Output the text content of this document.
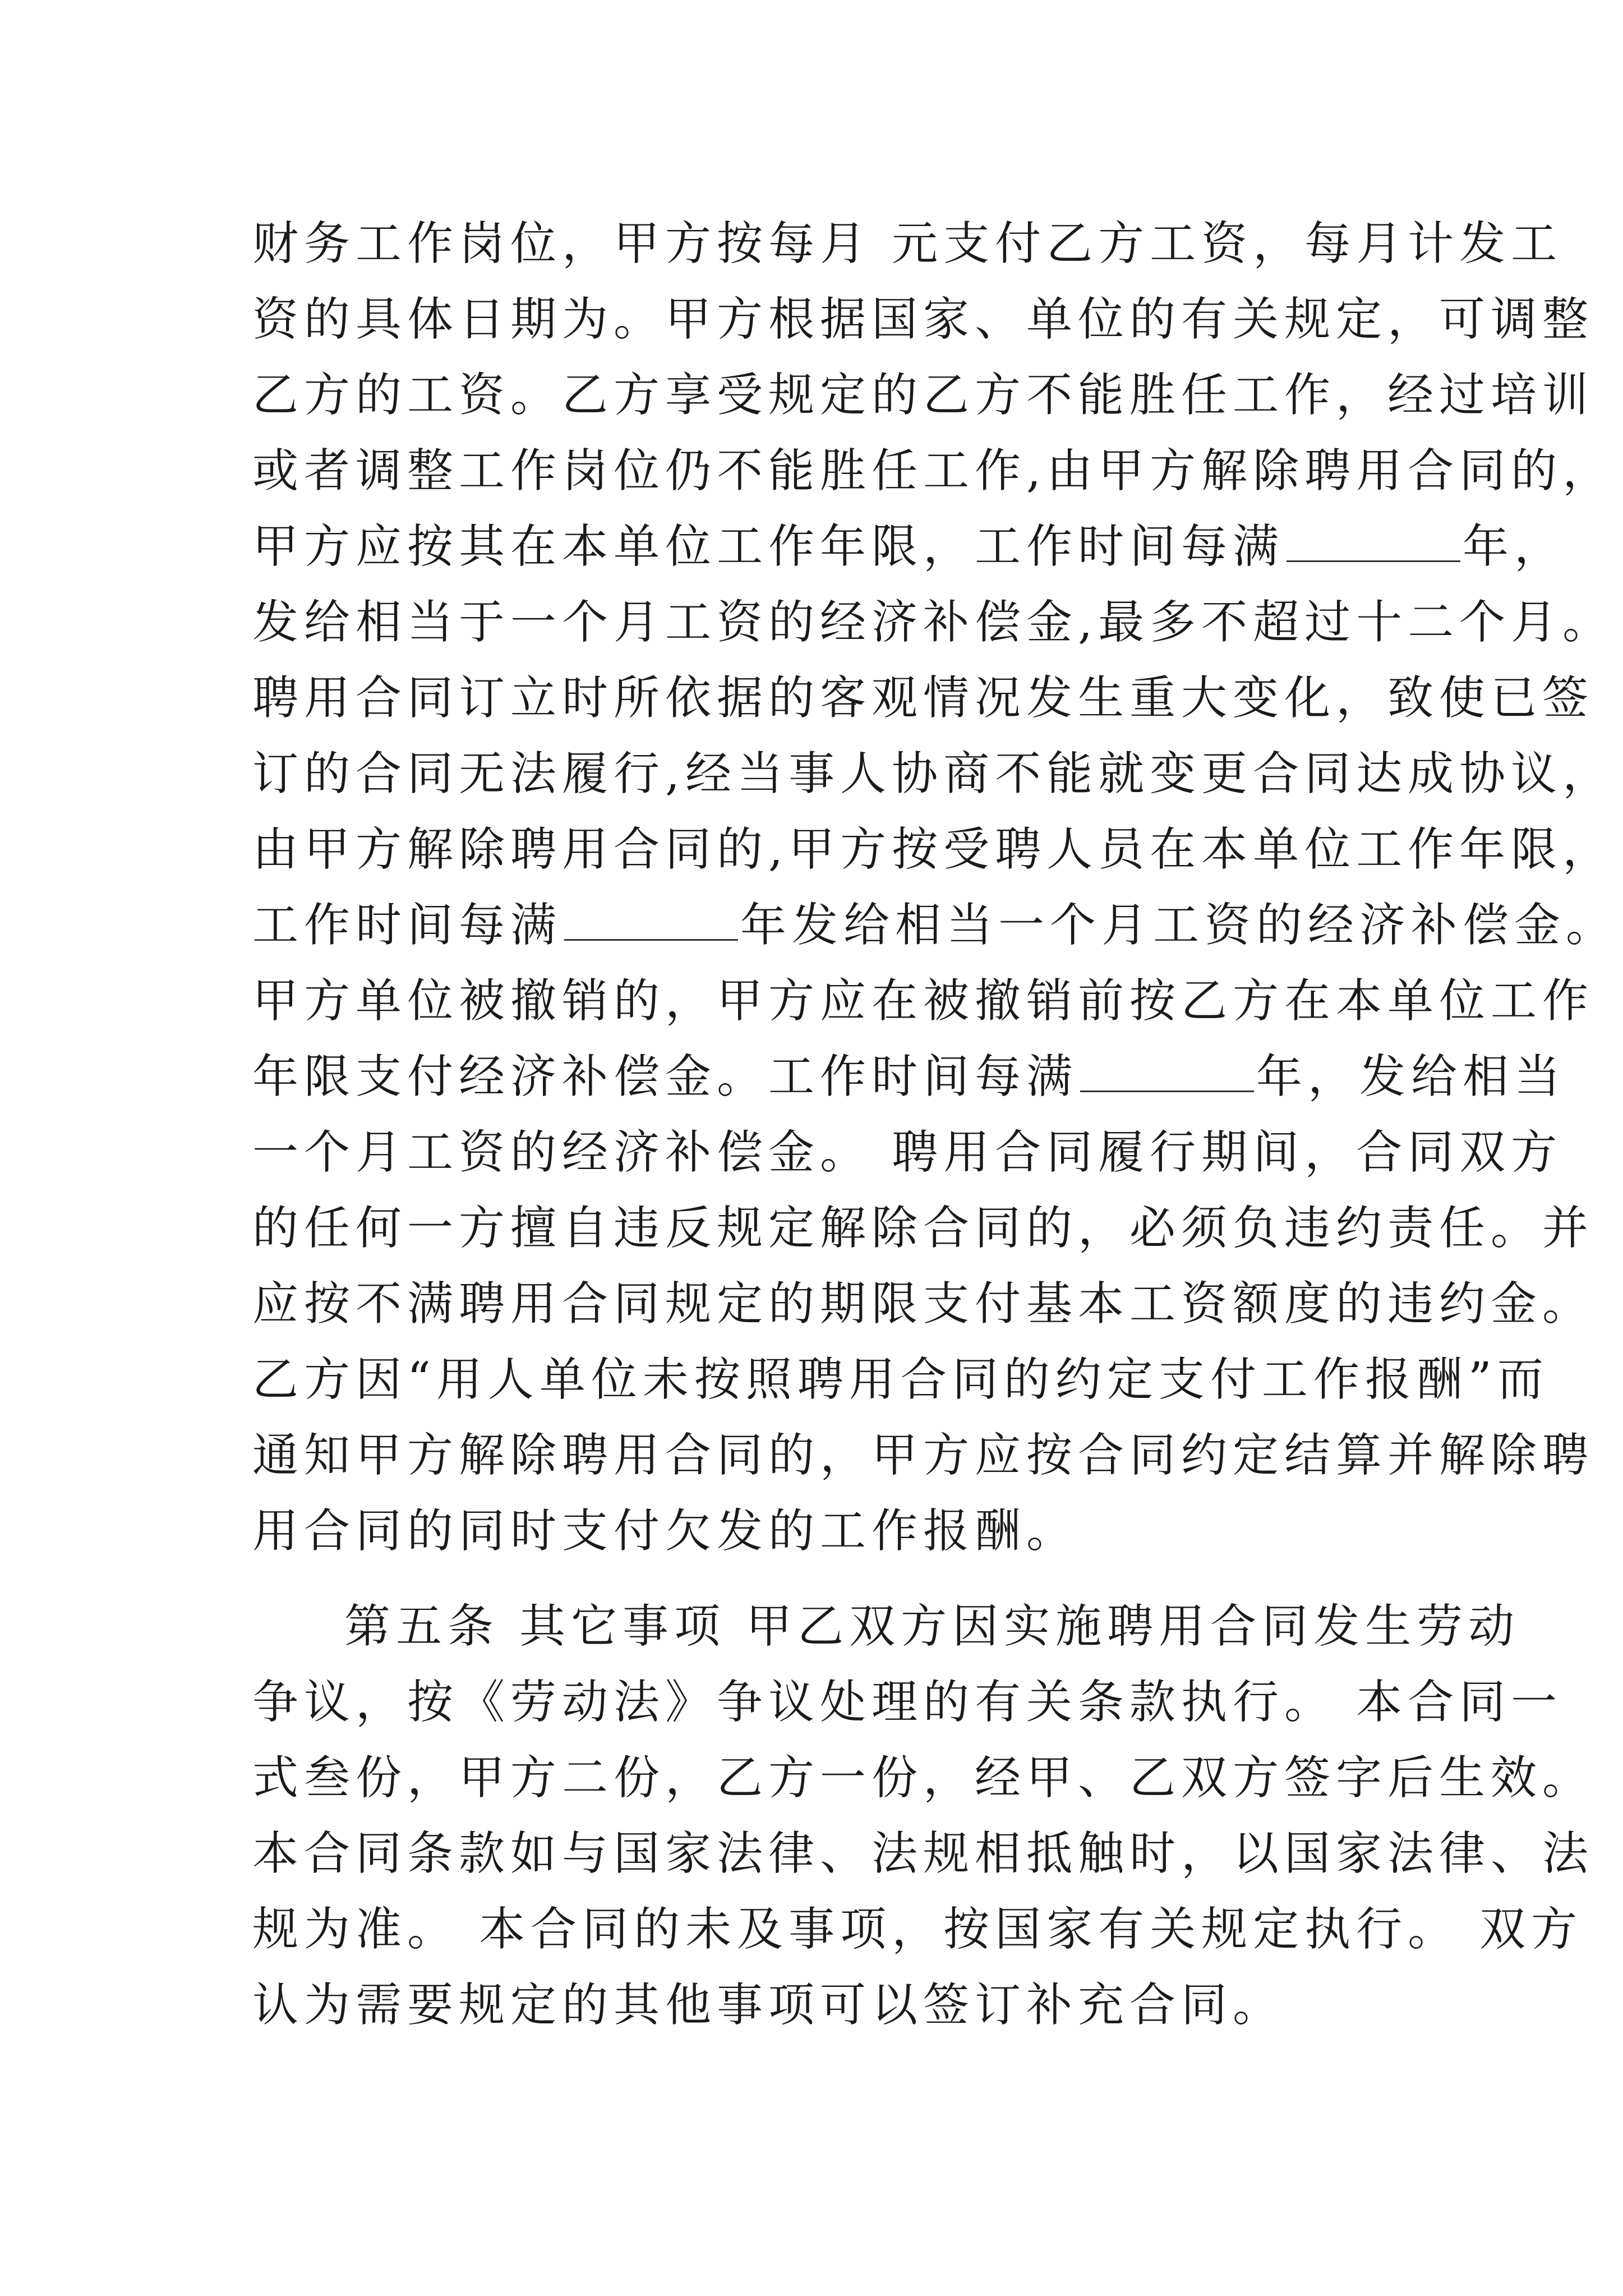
财务工作岗位，甲方按每月 元支付乙方工资，每月计发工
资的具体日期为。甲方根据国家、单位的有关规定，可调整
乙方的工资。乙方享受规定的乙方不能胜任工作，经过培训
或者调整工作岗位仍不能胜任工作,由甲方解除聘用合同的，
甲方应按其在本单位工作年限，工作时间每满	年，
发给相当于一个月工资的经济补偿金,最多不超过十二个月。
聘用合同订立时所依据的客观情况发生重大变化，致使已签
订的合同无法履行,经当事人协商不能就变更合同达成协议，
由甲方解除聘用合同的,甲方按受聘人员在本单位工作年限，
工作时间每满	年发给相当一个月工资的经济补偿金。
甲方单位被撤销的，甲方应在被撤销前按乙方在本单位工作
年限支付经济补偿金。工作时间每满	年，发给相当
一个月工资的经济补偿金。 聘用合同履行期间，合同双方
的任何一方擅自违反规定解除合同的，必须负违约责任。并
应按不满聘用合同规定的期限支付基本工资额度的违约金。
乙方因“用人单位未按照聘用合同的约定支付工作报酬”而
通知甲方解除聘用合同的，甲方应按合同约定结算并解除聘
用合同的同时支付欠发的工作报酬。
第五条 其它事项 甲乙双方因实施聘用合同发生劳动
争议，按《劳动法》争议处理的有关条款执行。 本合同一
式叁份，甲方二份，乙方一份，经甲、乙双方签字后生效。
本合同条款如与国家法律、法规相抵触时，以国家法律、法
规为准。 本合同的未及事项，按国家有关规定执行。 双方
认为需要规定的其他事项可以签订补充合同。
